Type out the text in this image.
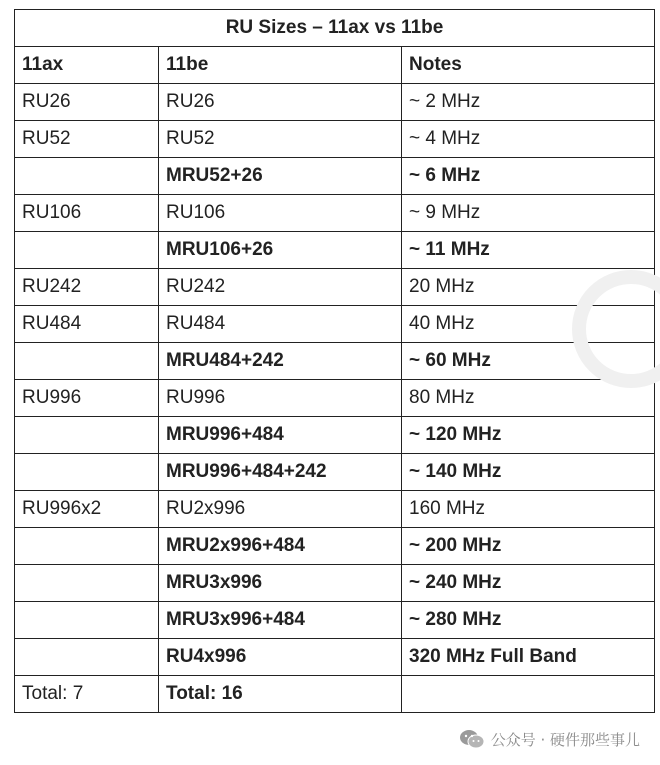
RU Sizes – 11ax vs 11be		
11ax	11be	Notes
RU26	RU26	~ 2 MHz
RU52	RU52	~ 4 MHz
	MRU52+26	~ 6 MHz
RU106	RU106	~ 9 MHz
	MRU106+26	~ 11 MHz
RU242	RU242	20 MHz
RU484	RU484	40 MHz
	MRU484+242	~ 60 MHz
RU996	RU996	80 MHz
	MRU996+484	~ 120 MHz
	MRU996+484+242	~ 140 MHz
RU996x2	RU2x996	160 MHz
	MRU2x996+484	~ 200 MHz
	MRU3x996	~ 240 MHz
	MRU3x996+484	~ 280 MHz
	RU4x996	320 MHz Full Band
Total: 7	Total: 16	
公众号 · 硬件那些事儿
